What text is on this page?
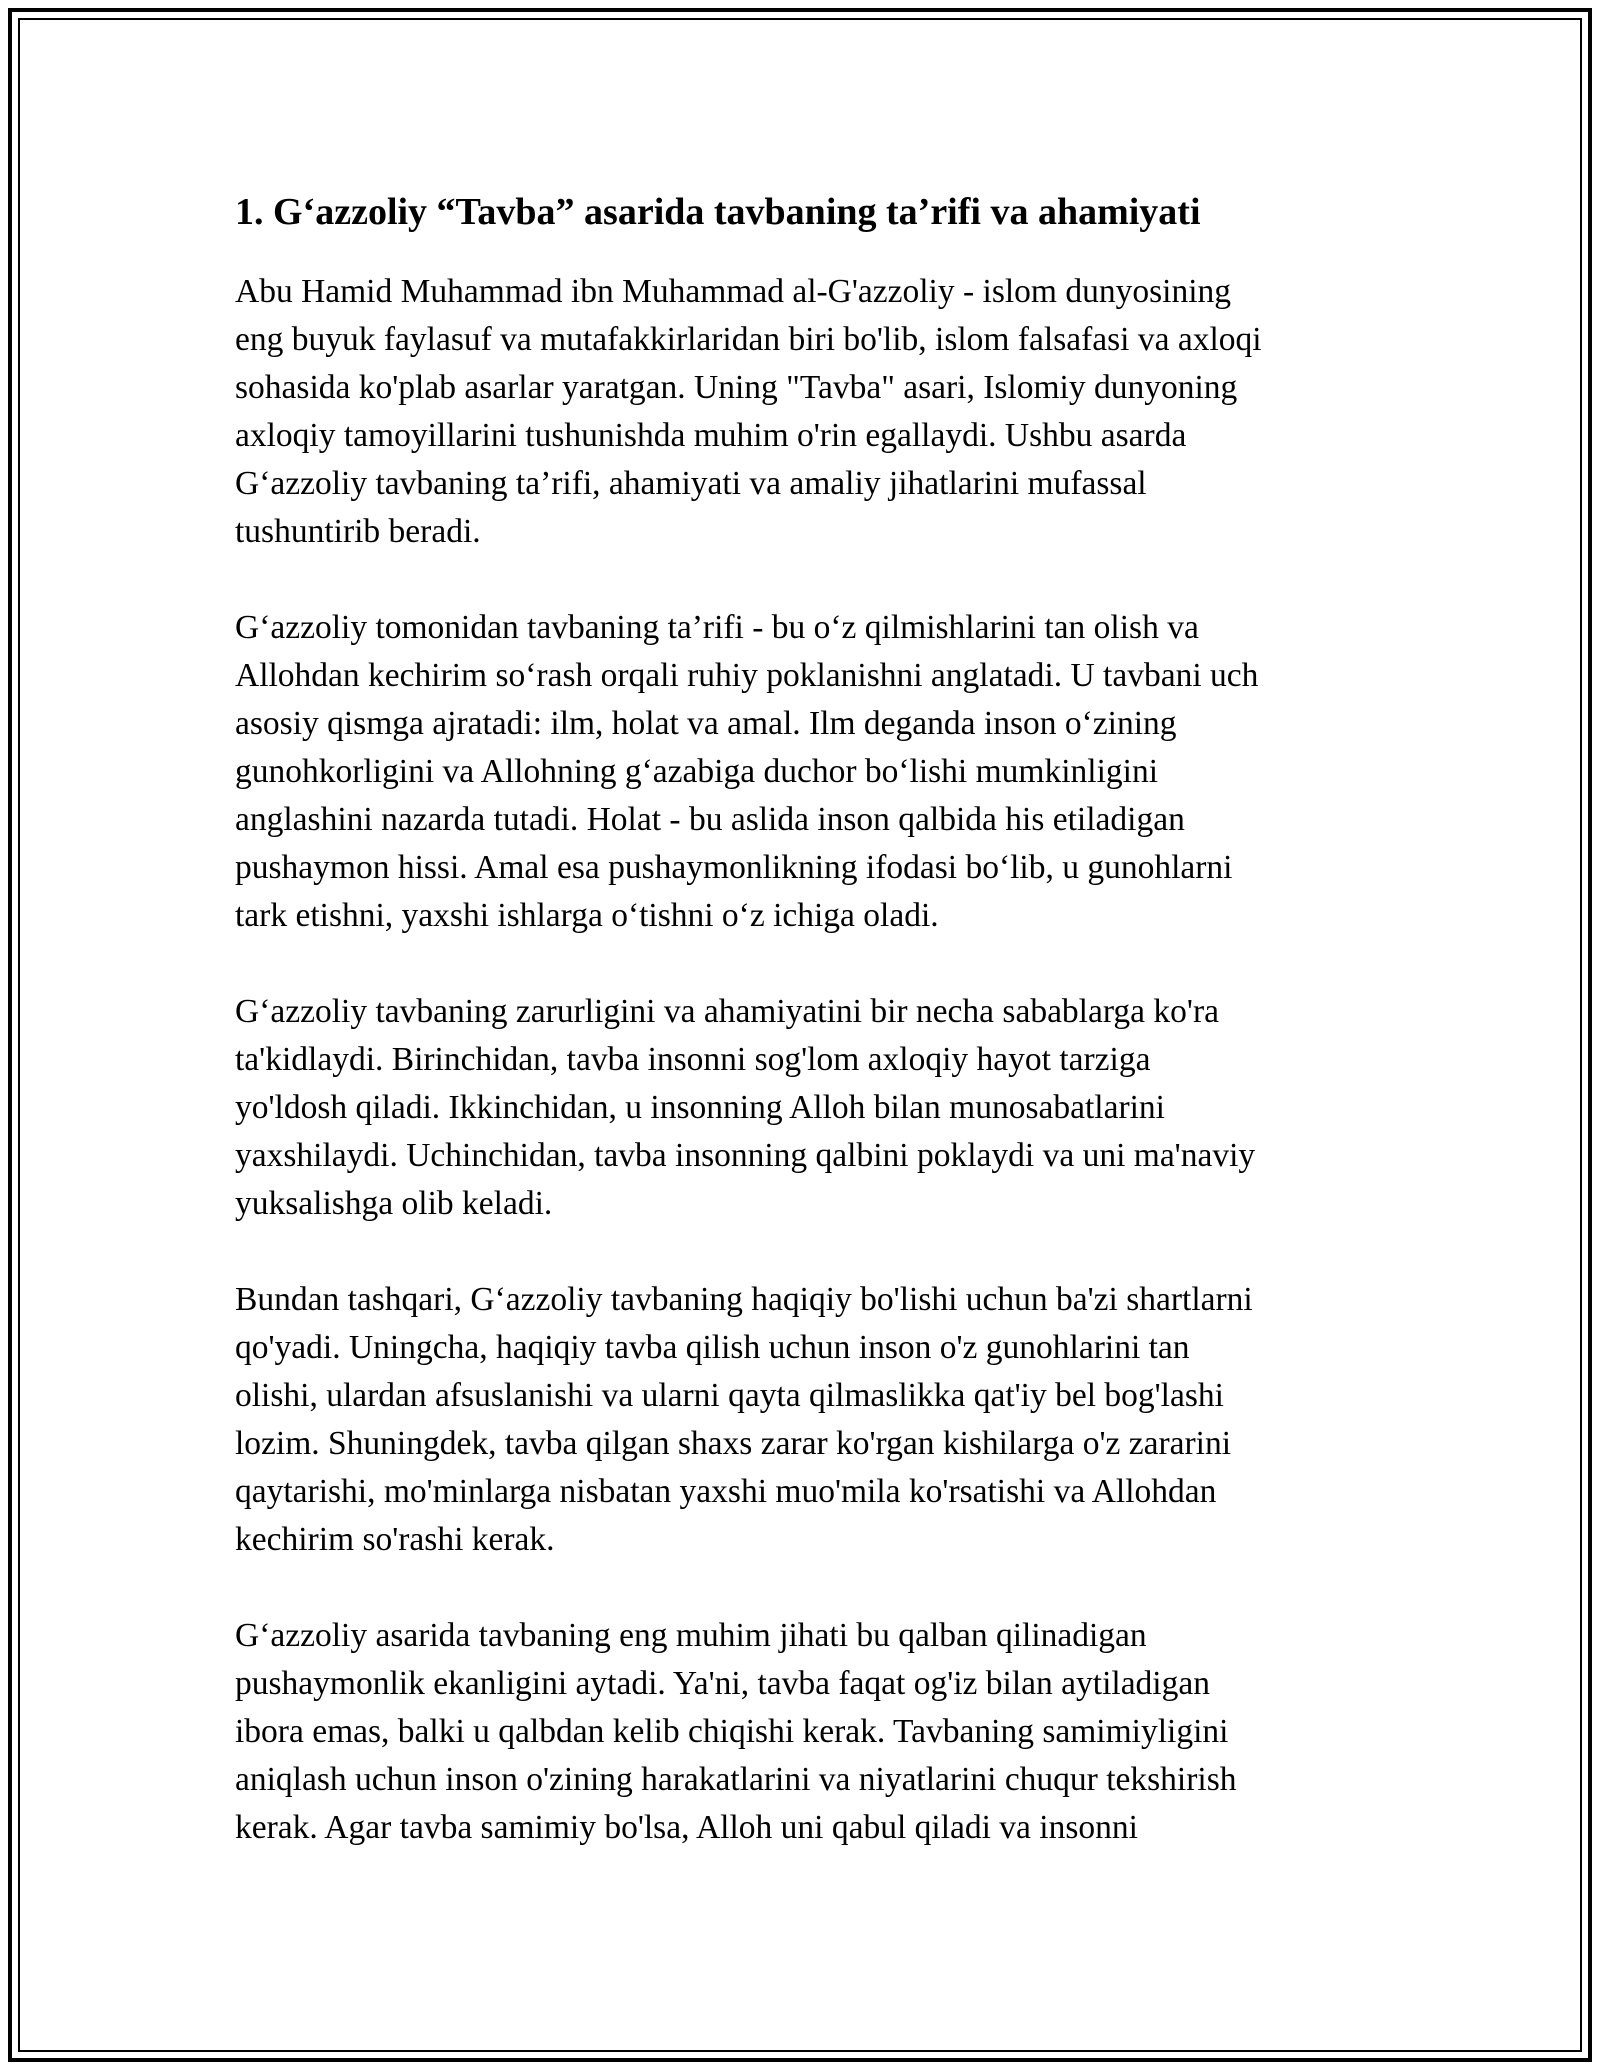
1. G‘azzoliy “Tavba” asarida tavbaning ta’rifi va ahamiyati

Abu Hamid Muhammad ibn Muhammad al-G'azzoliy - islom dunyosining
eng buyuk faylasuf va mutafakkirlaridan biri bo'lib, islom falsafasi va axloqi
sohasida ko'plab asarlar yaratgan. Uning "Tavba" asari, Islomiy dunyoning
axloqiy tamoyillarini tushunishda muhim o'rin egallaydi. Ushbu asarda
G‘azzoliy tavbaning ta’rifi, ahamiyati va amaliy jihatlarini mufassal
tushuntirib beradi.

G‘azzoliy tomonidan tavbaning ta’rifi - bu o‘z qilmishlarini tan olish va
Allohdan kechirim so‘rash orqali ruhiy poklanishni anglatadi. U tavbani uch
asosiy qismga ajratadi: ilm, holat va amal. Ilm deganda inson o‘zining
gunohkorligini va Allohning g‘azabiga duchor bo‘lishi mumkinligini
anglashini nazarda tutadi. Holat - bu aslida inson qalbida his etiladigan
pushaymon hissi. Amal esa pushaymonlikning ifodasi bo‘lib, u gunohlarni
tark etishni, yaxshi ishlarga o‘tishni o‘z ichiga oladi.

G‘azzoliy tavbaning zarurligini va ahamiyatini bir necha sabablarga ko'ra
ta'kidlaydi. Birinchidan, tavba insonni sog'lom axloqiy hayot tarziga
yo'ldosh qiladi. Ikkinchidan, u insonning Alloh bilan munosabatlarini
yaxshilaydi. Uchinchidan, tavba insonning qalbini poklaydi va uni ma'naviy
yuksalishga olib keladi.

Bundan tashqari, G‘azzoliy tavbaning haqiqiy bo'lishi uchun ba'zi shartlarni
qo'yadi. Uningcha, haqiqiy tavba qilish uchun inson o'z gunohlarini tan
olishi, ulardan afsuslanishi va ularni qayta qilmaslikka qat'iy bel bog'lashi
lozim. Shuningdek, tavba qilgan shaxs zarar ko'rgan kishilarga o'z zararini
qaytarishi, mo'minlarga nisbatan yaxshi muo'mila ko'rsatishi va Allohdan
kechirim so'rashi kerak.

G‘azzoliy asarida tavbaning eng muhim jihati bu qalban qilinadigan
pushaymonlik ekanligini aytadi. Ya'ni, tavba faqat og'iz bilan aytiladigan
ibora emas, balki u qalbdan kelib chiqishi kerak. Tavbaning samimiyligini
aniqlash uchun inson o'zining harakatlarini va niyatlarini chuqur tekshirish
kerak. Agar tavba samimiy bo'lsa, Alloh uni qabul qiladi va insonni
